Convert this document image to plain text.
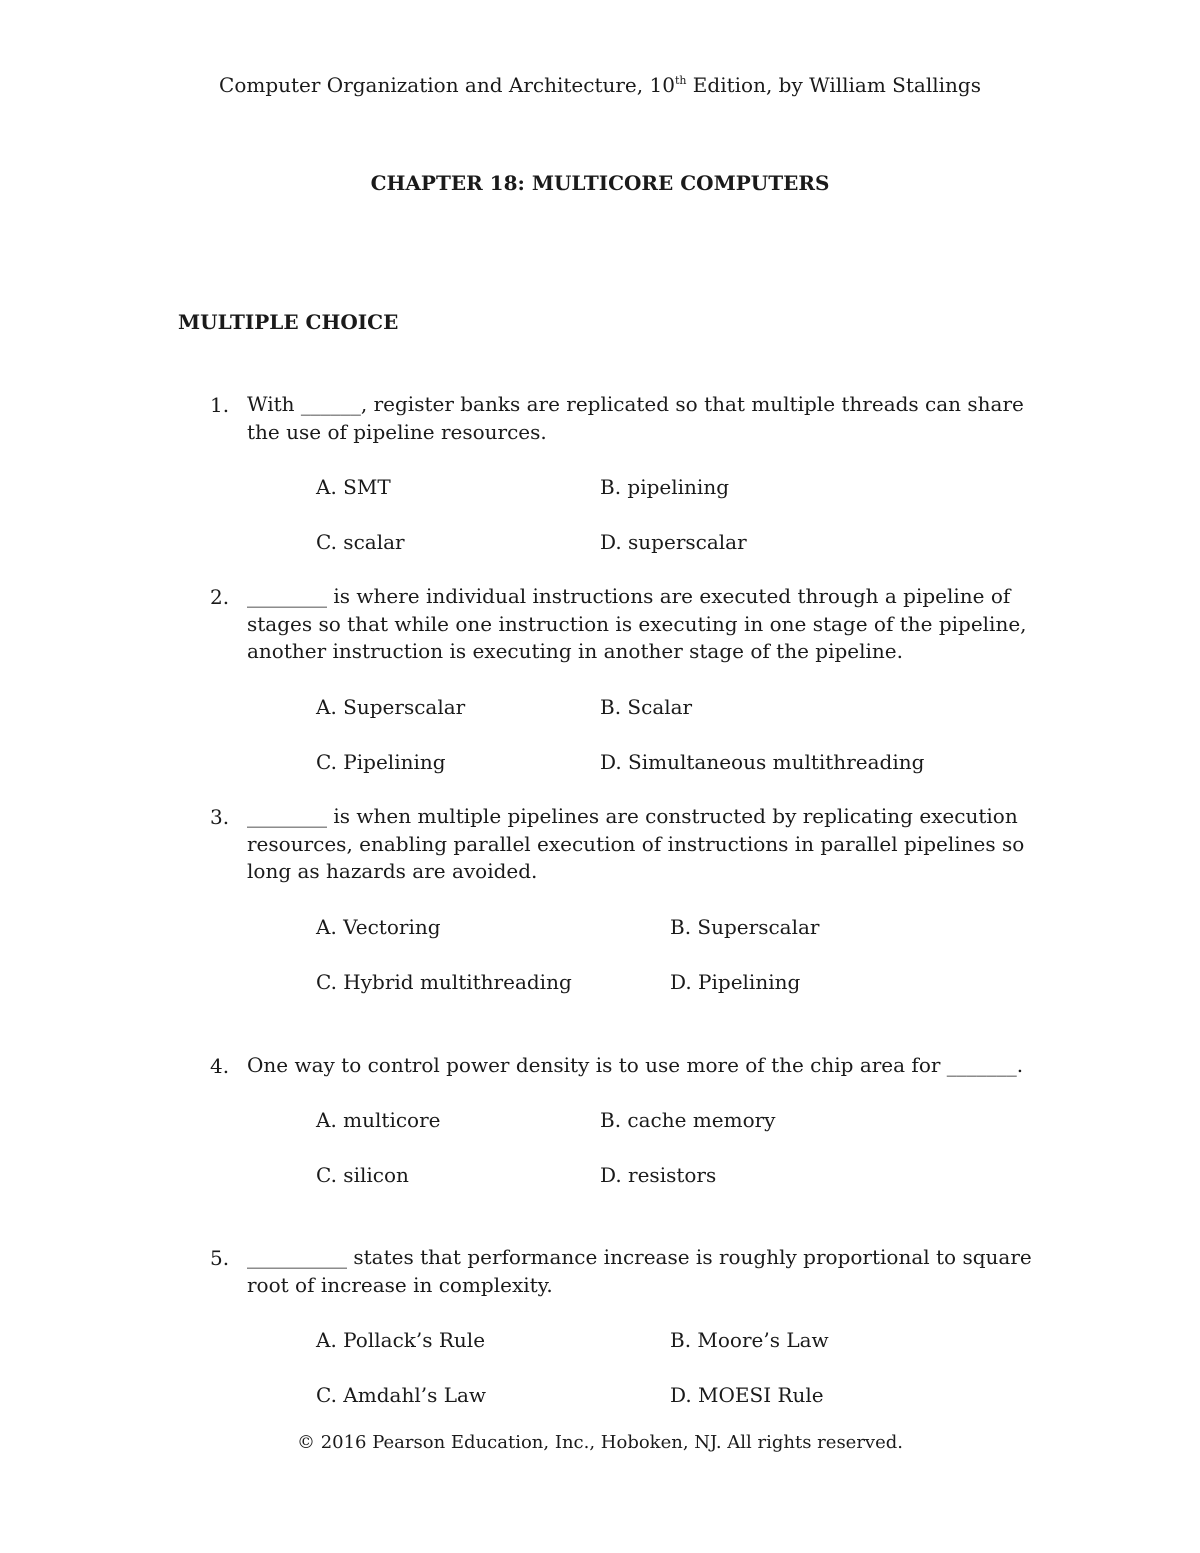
Computer Organization and Architecture, 10th Edition, by William Stallings
CHAPTER 18: MULTICORE COMPUTERS
MULTIPLE CHOICE
1. With ______, register banks are replicated so that multiple threads can share the use of pipeline resources.
A. SMT	B. pipelining
C. scalar	D. superscalar
2. ________ is where individual instructions are executed through a pipeline of stages so that while one instruction is executing in one stage of the pipeline, another instruction is executing in another stage of the pipeline.
A. Superscalar	B. Scalar
C. Pipelining	D. Simultaneous multithreading
3. ________ is when multiple pipelines are constructed by replicating execution resources, enabling parallel execution of instructions in parallel pipelines so long as hazards are avoided.
A. Vectoring	B. Superscalar
C. Hybrid multithreading	D. Pipelining
4. One way to control power density is to use more of the chip area for _______.
A. multicore	B. cache memory
C. silicon	D. resistors
5. __________ states that performance increase is roughly proportional to square root of increase in complexity.
A. Pollack’s Rule	B. Moore’s Law
C. Amdahl’s Law	D. MOESI Rule
© 2016 Pearson Education, Inc., Hoboken, NJ. All rights reserved.
